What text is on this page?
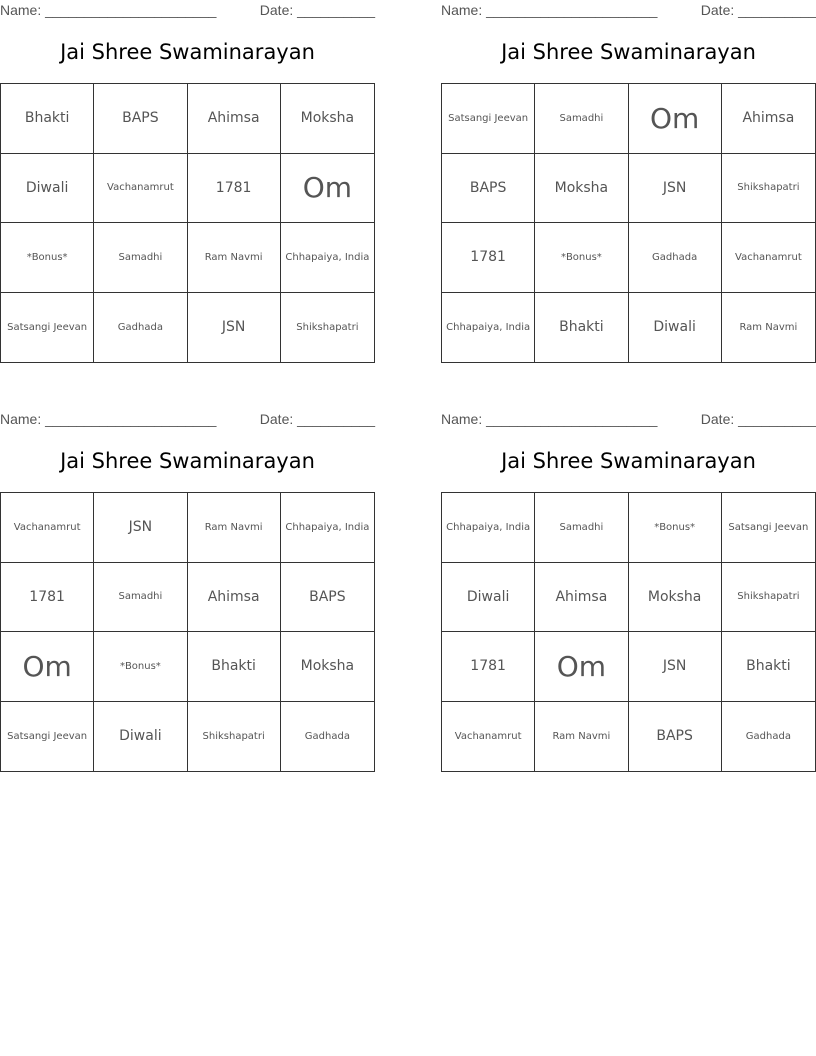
Name: ______________________	Date: __________
Jai Shree Swaminarayan
Bhakti	BAPS	Ahimsa	Moksha
Diwali	Vachanamrut	1781	Om
*Bonus*	Samadhi	Ram Navmi	Chhapaiya, India
Satsangi Jeevan	Gadhada	JSN	Shikshapatri
Name: ______________________	Date: __________
Jai Shree Swaminarayan
Satsangi Jeevan	Samadhi	Om	Ahimsa
BAPS	Moksha	JSN	Shikshapatri
1781	*Bonus*	Gadhada	Vachanamrut
Chhapaiya, India	Bhakti	Diwali	Ram Navmi
Name: ______________________	Date: __________
Jai Shree Swaminarayan
Vachanamrut	JSN	Ram Navmi	Chhapaiya, India
1781	Samadhi	Ahimsa	BAPS
Om	*Bonus*	Bhakti	Moksha
Satsangi Jeevan	Diwali	Shikshapatri	Gadhada
Name: ______________________	Date: __________
Jai Shree Swaminarayan
Chhapaiya, India	Samadhi	*Bonus*	Satsangi Jeevan
Diwali	Ahimsa	Moksha	Shikshapatri
1781	Om	JSN	Bhakti
Vachanamrut	Ram Navmi	BAPS	Gadhada
